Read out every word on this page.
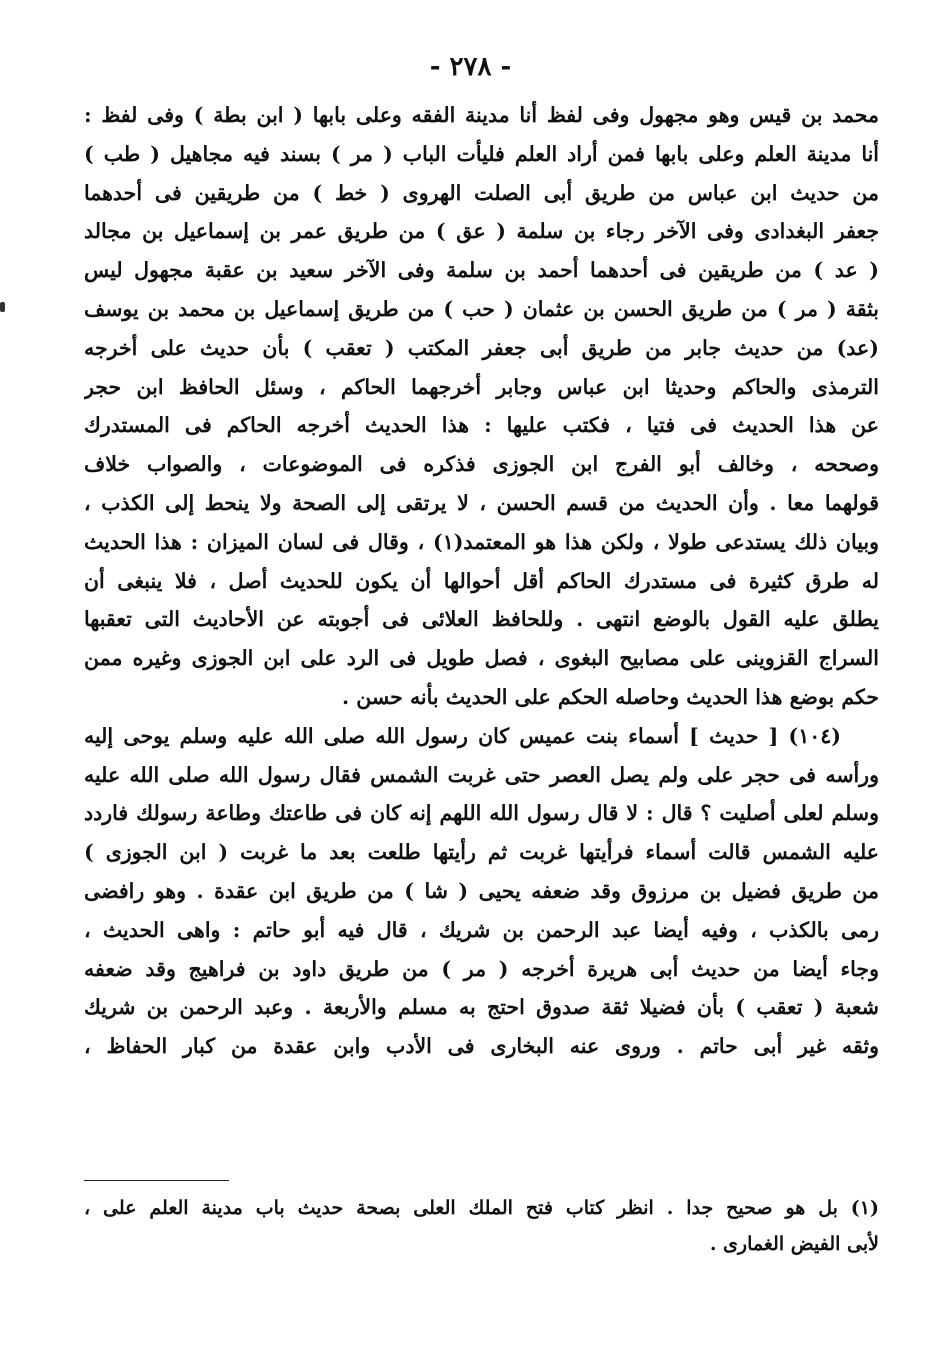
- ٢٧٨ -
محمد بن قيس وهو مجهول وفى لفظ أنا مدينة الفقه وعلى بابها ( ابن بطة ) وفى لفظ :
أنا مدينة العلم وعلى بابها فمن أراد العلم فليأت الباب ( مر ) بسند فيه مجاهيل ( طب )
من حديث ابن عباس من طريق أبى الصلت الهروى ( خط ) من طريقين فى أحدهما
جعفر البغدادى وفى الآخر رجاء بن سلمة ( عق ) من طريق عمر بن إسماعيل بن مجالد
( عد ) من طريقين فى أحدهما أحمد بن سلمة وفى الآخر سعيد بن عقبة مجهول ليس
بثقة ( مر ) من طريق الحسن بن عثمان ( حب ) من طريق إسماعيل بن محمد بن يوسف
(عد) من حديث جابر من طريق أبى جعفر المكتب ( تعقب ) بأن حديث على أخرجه
الترمذى والحاكم وحديثا ابن عباس وجابر أخرجهما الحاكم ، وسئل الحافظ ابن حجر
عن هذا الحديث فى فتيا ، فكتب عليها : هذا الحديث أخرجه الحاكم فى المستدرك
وصححه ، وخالف أبو الفرج ابن الجوزى فذكره فى الموضوعات ، والصواب خلاف
قولهما معا . وأن الحديث من قسم الحسن ، لا يرتقى إلى الصحة ولا ينحط إلى الكذب ،
وبيان ذلك يستدعى طولا ، ولكن هذا هو المعتمد(١) ، وقال فى لسان الميزان : هذا الحديث
له طرق كثيرة فى مستدرك الحاكم أقل أحوالها أن يكون للحديث أصل ، فلا ينبغى أن
يطلق عليه القول بالوضع انتهى . وللحافظ العلائى فى أجوبته عن الأحاديث التى تعقبها
السراج القزوينى على مصابيح البغوى ، فصل طويل فى الرد على ابن الجوزى وغيره ممن
حكم بوضع هذا الحديث وحاصله الحكم على الحديث بأنه حسن .
(١٠٤) [ حديث ] أسماء بنت عميس كان رسول الله صلى الله عليه وسلم يوحى إليه
ورأسه فى حجر على ولم يصل العصر حتى غربت الشمس فقال رسول الله صلى الله عليه
وسلم لعلى أصليت ؟ قال : لا قال رسول الله اللهم إنه كان فى طاعتك وطاعة رسولك فاردد
عليه الشمس قالت أسماء فرأيتها غربت ثم رأيتها طلعت بعد ما غربت ( ابن الجوزى )
من طريق فضيل بن مرزوق وقد ضعفه يحيى ( شا ) من طريق ابن عقدة . وهو رافضى
رمى بالكذب ، وفيه أيضا عبد الرحمن بن شريك ، قال فيه أبو حاتم : واهى الحديث ،
وجاء أيضا من حديث أبى هريرة أخرجه ( مر ) من طريق داود بن فراهيج وقد ضعفه
شعبة ( تعقب ) بأن فضيلا ثقة صدوق احتج به مسلم والأربعة . وعبد الرحمن بن شريك
وثقه غير أبى حاتم . وروى عنه البخارى فى الأدب وابن عقدة من كبار الحفاظ ،
(١) بل هو صحيح جدا . انظر كتاب فتح الملك العلى بصحة حديث باب مدينة العلم على ،
لأبى الفيض الغمارى .
